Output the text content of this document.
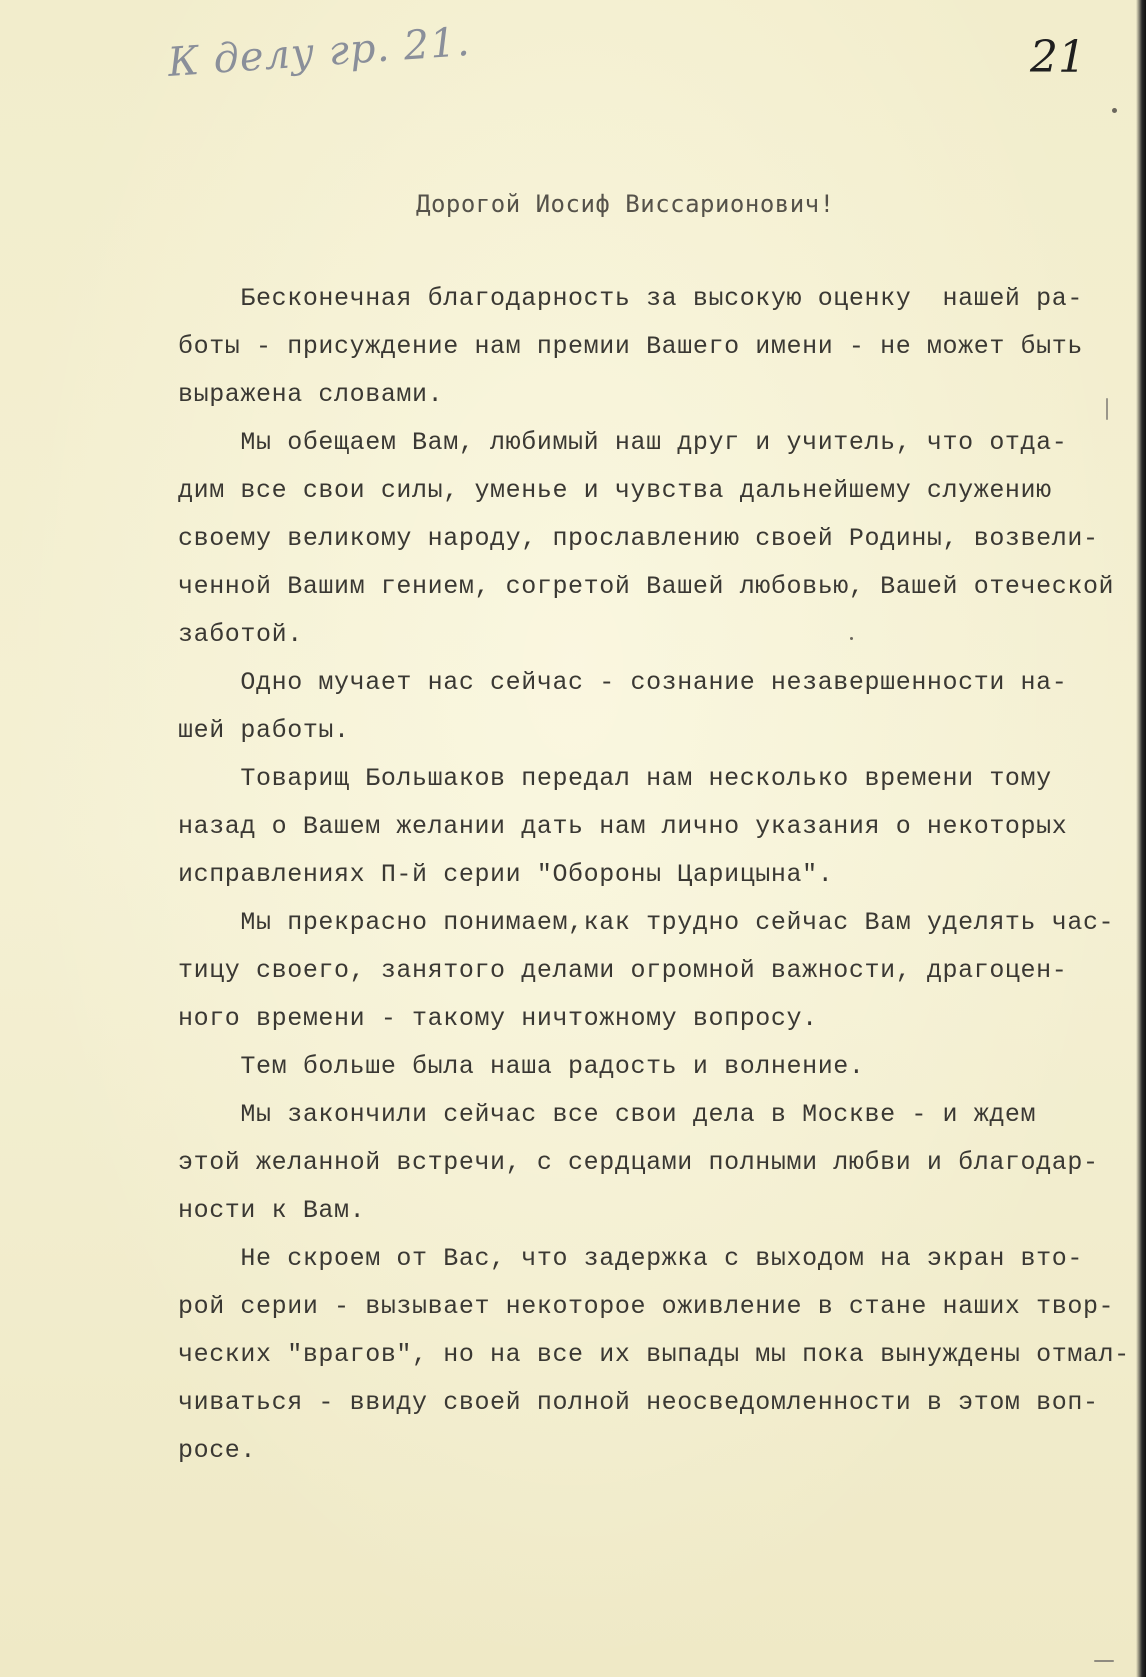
К делу гр. 21.	21
Дорогой Иосиф Виссарионович!
Бесконечная благодарность за высокую оценку  нашей ра-
боты - присуждение нам премии Вашего имени - не может быть
выражена словами.
Мы обещаем Вам, любимый наш друг и учитель, что отда-
дим все свои силы, уменье и чувства дальнейшему служению
своему великому народу, прославлению своей Родины, возвели-
ченной Вашим гением, согретой Вашей любовью, Вашей отеческой
заботой.
Одно мучает нас сейчас - сознание незавершенности на-
шей работы.
Товарищ Большаков передал нам несколько времени тому
назад о Вашем желании дать нам лично указания о некоторых
исправлениях П-й серии "Обороны Царицына".
Мы прекрасно понимаем,как трудно сейчас Вам уделять час-
тицу своего, занятого делами огромной важности, драгоцен-
ного времени - такому ничтожному вопросу.
Тем больше была наша радость и волнение.
Мы закончили сейчас все свои дела в Москве - и ждем
этой желанной встречи, с сердцами полными любви и благодар-
ности к Вам.
Не скроем от Вас, что задержка с выходом на экран вто-
рой серии - вызывает некоторое оживление в стане наших твор-
ческих "врагов", но на все их выпады мы пока вынуждены отмал-
чиваться - ввиду своей полной неосведомленности в этом воп-
росе.
